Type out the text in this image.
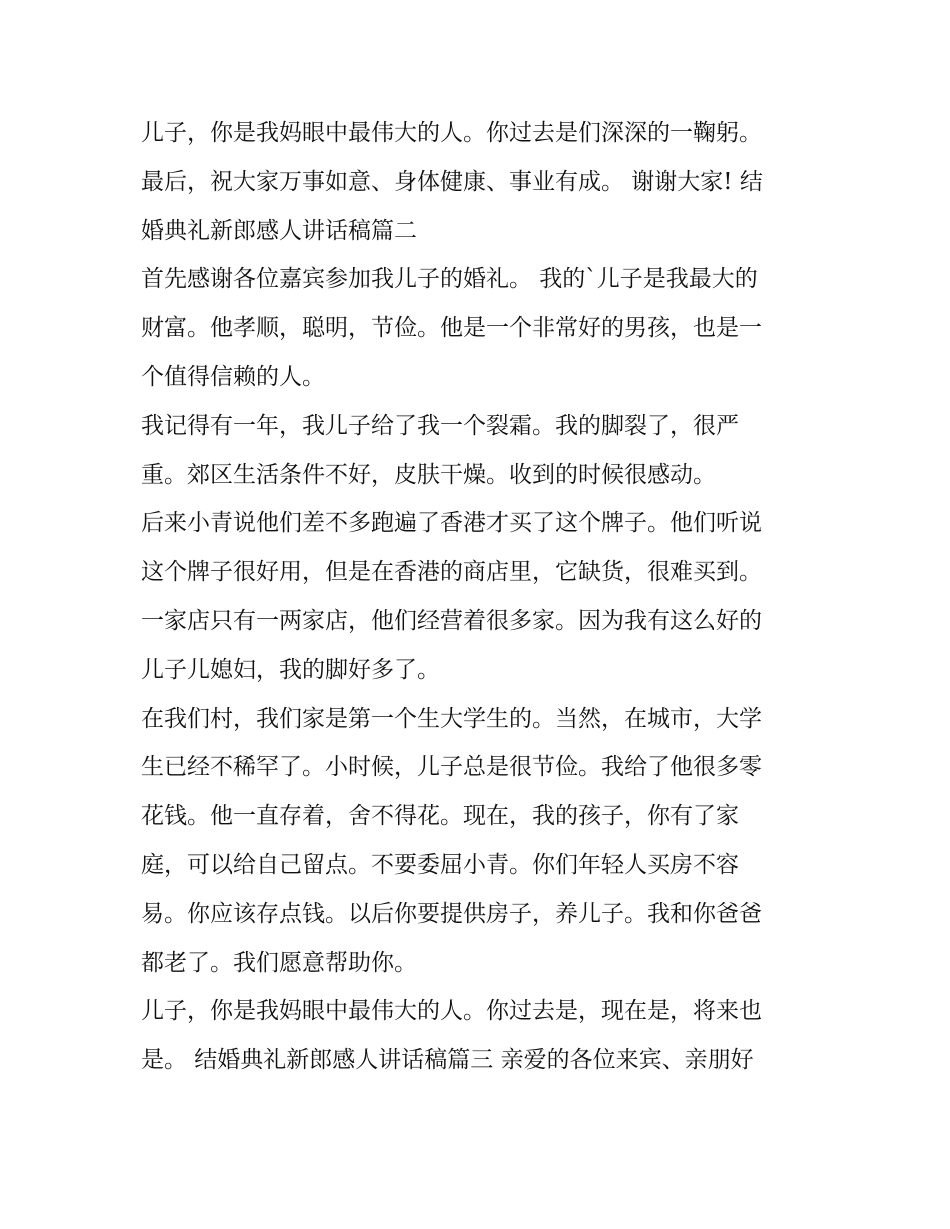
儿子，你是我妈眼中最伟大的人。你过去是们深深的一鞠躬。
最后，祝大家万事如意、身体健康、事业有成。 谢谢大家! 结
婚典礼新郎感人讲话稿篇二
首先感谢各位嘉宾参加我儿子的婚礼。 我的`儿子是我最大的
财富。他孝顺，聪明，节俭。他是一个非常好的男孩，也是一
个值得信赖的人。
我记得有一年，我儿子给了我一个裂霜。我的脚裂了，很严
重。郊区生活条件不好，皮肤干燥。收到的时候很感动。
后来小青说他们差不多跑遍了香港才买了这个牌子。他们听说
这个牌子很好用，但是在香港的商店里，它缺货，很难买到。
一家店只有一两家店，他们经营着很多家。因为我有这么好的
儿子儿媳妇，我的脚好多了。
在我们村，我们家是第一个生大学生的。当然，在城市，大学
生已经不稀罕了。小时候，儿子总是很节俭。我给了他很多零
花钱。他一直存着，舍不得花。现在，我的孩子，你有了家
庭，可以给自己留点。不要委屈小青。你们年轻人买房不容
易。你应该存点钱。以后你要提供房子，养儿子。我和你爸爸
都老了。我们愿意帮助你。
儿子，你是我妈眼中最伟大的人。你过去是，现在是，将来也
是。 结婚典礼新郎感人讲话稿篇三 亲爱的各位来宾、亲朋好
